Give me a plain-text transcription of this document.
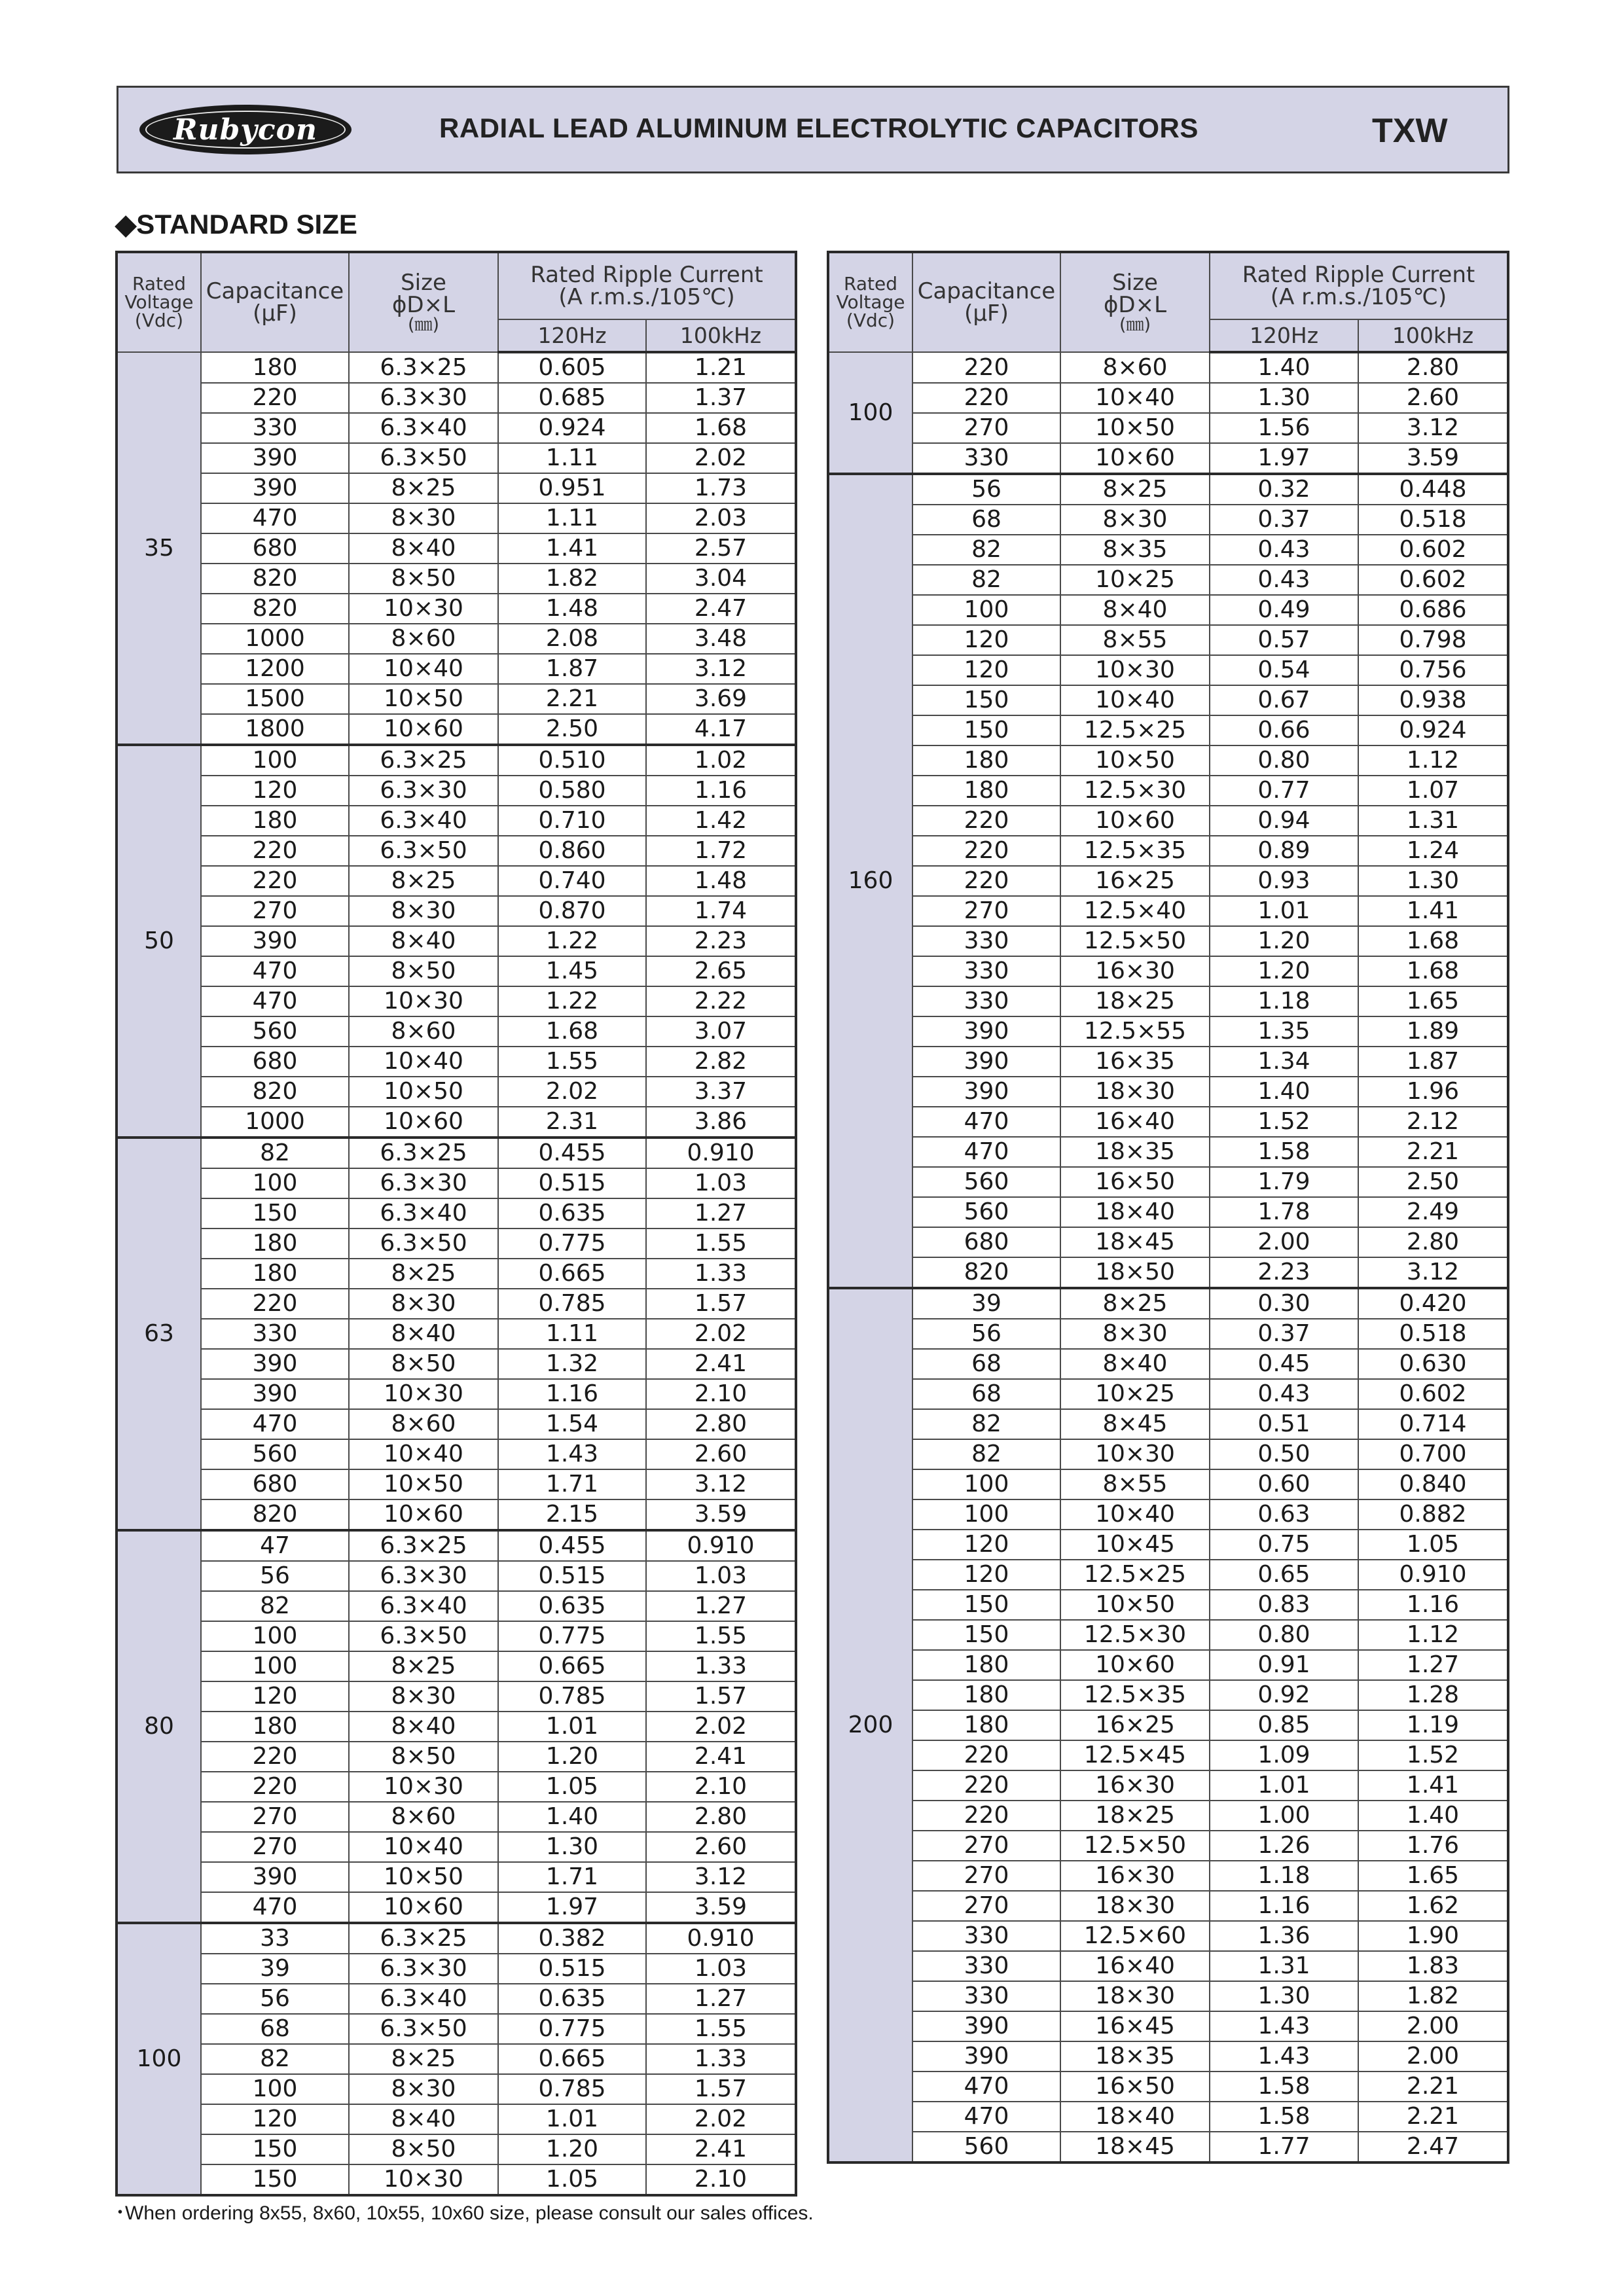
Rubycon	RADIAL LEAD ALUMINUM ELECTROLYTIC CAPACITORS	TXW
◆STANDARD SIZE
Rated
Voltage
(Vdc)	Capacitance
(µF)	Size
ϕD×L
(㎜)	Rated Ripple Current
(A r.m.s./105℃)	

			120Hz	100kHz
35	180	6.3×25	0.605	1.21
	220	6.3×30	0.685	1.37
	330	6.3×40	0.924	1.68
	390	6.3×50	1.11	2.02
	390	8×25	0.951	1.73
	470	8×30	1.11	2.03
	680	8×40	1.41	2.57
	820	8×50	1.82	3.04
	820	10×30	1.48	2.47
	1000	8×60	2.08	3.48
	1200	10×40	1.87	3.12
	1500	10×50	2.21	3.69
	1800	10×60	2.50	4.17
50	100	6.3×25	0.510	1.02
	120	6.3×30	0.580	1.16
	180	6.3×40	0.710	1.42
	220	6.3×50	0.860	1.72
	220	8×25	0.740	1.48
	270	8×30	0.870	1.74
	390	8×40	1.22	2.23
	470	8×50	1.45	2.65
	470	10×30	1.22	2.22
	560	8×60	1.68	3.07
	680	10×40	1.55	2.82
	820	10×50	2.02	3.37
	1000	10×60	2.31	3.86
63	82	6.3×25	0.455	0.910
	100	6.3×30	0.515	1.03
	150	6.3×40	0.635	1.27
	180	6.3×50	0.775	1.55
	180	8×25	0.665	1.33
	220	8×30	0.785	1.57
	330	8×40	1.11	2.02
	390	8×50	1.32	2.41
	390	10×30	1.16	2.10
	470	8×60	1.54	2.80
	560	10×40	1.43	2.60
	680	10×50	1.71	3.12
	820	10×60	2.15	3.59
80	47	6.3×25	0.455	0.910
	56	6.3×30	0.515	1.03
	82	6.3×40	0.635	1.27
	100	6.3×50	0.775	1.55
	100	8×25	0.665	1.33
	120	8×30	0.785	1.57
	180	8×40	1.01	2.02
	220	8×50	1.20	2.41
	220	10×30	1.05	2.10
	270	8×60	1.40	2.80
	270	10×40	1.30	2.60
	390	10×50	1.71	3.12
	470	10×60	1.97	3.59
100	33	6.3×25	0.382	0.910
	39	6.3×30	0.515	1.03
	56	6.3×40	0.635	1.27
	68	6.3×50	0.775	1.55
	82	8×25	0.665	1.33
	100	8×30	0.785	1.57
	120	8×40	1.01	2.02
	150	8×50	1.20	2.41
	150	10×30	1.05	2.10
Rated
Voltage
(Vdc)	Capacitance
(µF)	Size
ϕD×L
(㎜)	Rated Ripple Current
(A r.m.s./105℃)	

			120Hz	100kHz
100	220	8×60	1.40	2.80
	220	10×40	1.30	2.60
	270	10×50	1.56	3.12
	330	10×60	1.97	3.59
160	56	8×25	0.32	0.448
	68	8×30	0.37	0.518
	82	8×35	0.43	0.602
	82	10×25	0.43	0.602
	100	8×40	0.49	0.686
	120	8×55	0.57	0.798
	120	10×30	0.54	0.756
	150	10×40	0.67	0.938
	150	12.5×25	0.66	0.924
	180	10×50	0.80	1.12
	180	12.5×30	0.77	1.07
	220	10×60	0.94	1.31
	220	12.5×35	0.89	1.24
	220	16×25	0.93	1.30
	270	12.5×40	1.01	1.41
	330	12.5×50	1.20	1.68
	330	16×30	1.20	1.68
	330	18×25	1.18	1.65
	390	12.5×55	1.35	1.89
	390	16×35	1.34	1.87
	390	18×30	1.40	1.96
	470	16×40	1.52	2.12
	470	18×35	1.58	2.21
	560	16×50	1.79	2.50
	560	18×40	1.78	2.49
	680	18×45	2.00	2.80
	820	18×50	2.23	3.12
200	39	8×25	0.30	0.420
	56	8×30	0.37	0.518
	68	8×40	0.45	0.630
	68	10×25	0.43	0.602
	82	8×45	0.51	0.714
	82	10×30	0.50	0.700
	100	8×55	0.60	0.840
	100	10×40	0.63	0.882
	120	10×45	0.75	1.05
	120	12.5×25	0.65	0.910
	150	10×50	0.83	1.16
	150	12.5×30	0.80	1.12
	180	10×60	0.91	1.27
	180	12.5×35	0.92	1.28
	180	16×25	0.85	1.19
	220	12.5×45	1.09	1.52
	220	16×30	1.01	1.41
	220	18×25	1.00	1.40
	270	12.5×50	1.26	1.76
	270	16×30	1.18	1.65
	270	18×30	1.16	1.62
	330	12.5×60	1.36	1.90
	330	16×40	1.31	1.83
	330	18×30	1.30	1.82
	390	16×45	1.43	2.00
	390	18×35	1.43	2.00
	470	16×50	1.58	2.21
	470	18×40	1.58	2.21
	560	18×45	1.77	2.47
･When ordering 8x55, 8x60, 10x55, 10x60 size, please consult our sales offices.
